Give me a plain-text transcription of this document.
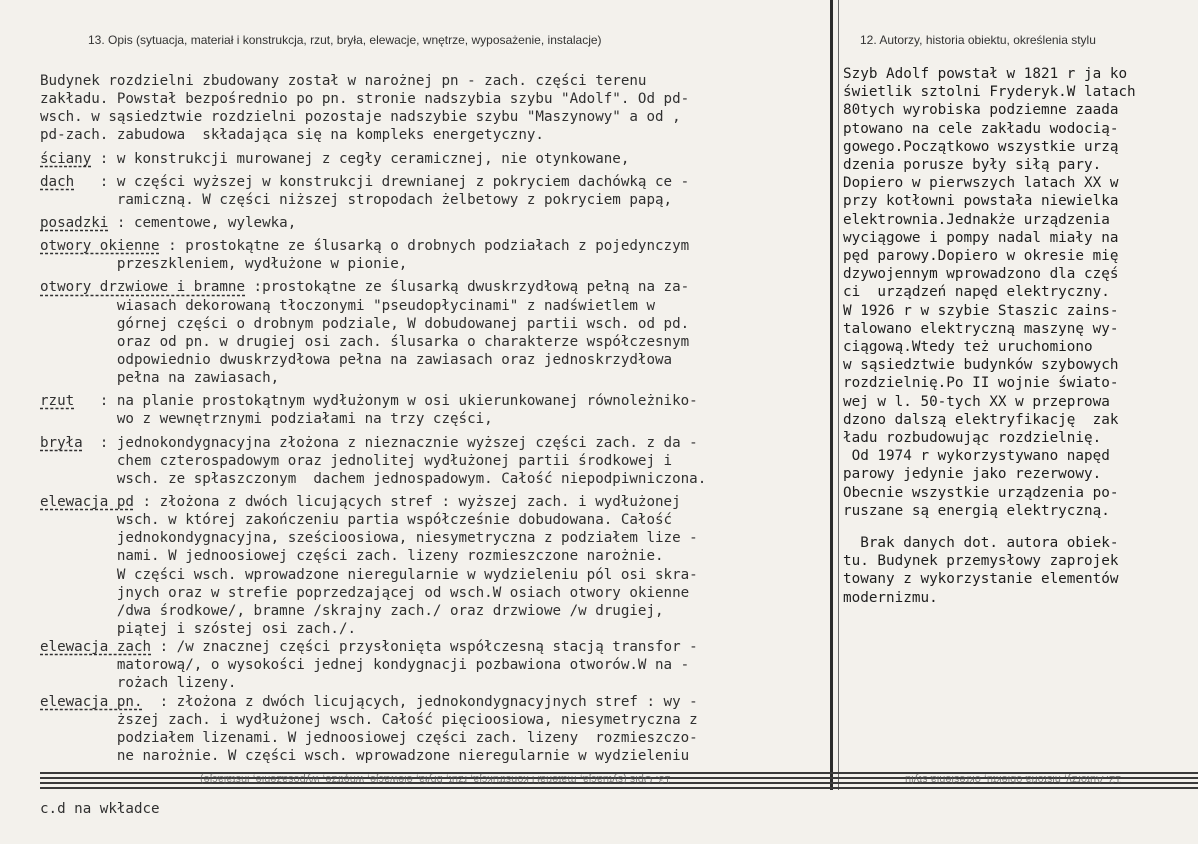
13. Opis (sytuacja, materiał i konstrukcja, rzut, bryła, elewacje, wnętrze, wyposażenie, instalacje)	12. Autorzy, historia obiektu, określenia stylu
Budynek rozdzielni zbudowany został w narożnej pn - zach. części terenu
zakładu. Powstał bezpośrednio po pn. stronie nadszybia szybu "Adolf". Od pd-
wsch. w sąsiedztwie rozdzielni pozostaje nadszybie szybu "Maszynowy" a od ,
pd-zach. zabudowa  składająca się na kompleks energetyczny.
ściany : w konstrukcji murowanej z cegły ceramicznej, nie otynkowane,
dach   : w części wyższej w konstrukcji drewnianej z pokryciem dachówką ce -
ramiczną. W części niższej stropodach żelbetowy z pokryciem papą,
posadzki : cementowe, wylewka,
otwory okienne : prostokątne ze ślusarką o drobnych podziałach z pojedynczym
przeszkleniem, wydłużone w pionie,
otwory drzwiowe i bramne :prostokątne ze ślusarką dwuskrzydłową pełną na za-
wiasach dekorowaną tłoczonymi "pseudopłycinami" z nadświetlem w
górnej części o drobnym podziale, W dobudowanej partii wsch. od pd.
oraz od pn. w drugiej osi zach. ślusarka o charakterze współczesnym
odpowiednio dwuskrzydłowa pełna na zawiasach oraz jednoskrzydłowa
pełna na zawiasach,
rzut   : na planie prostokątnym wydłużonym w osi ukierunkowanej równoleżniko-
wo z wewnętrznymi podziałami na trzy części,
bryła  : jednokondygnacyjna złożona z nieznacznie wyższej części zach. z da -
chem czterospadowym oraz jednolitej wydłużonej partii środkowej i
wsch. ze spłaszczonym  dachem jednospadowym. Całość niepodpiwniczona.
elewacja pd : złożona z dwóch licujących stref : wyższej zach. i wydłużonej
wsch. w której zakończeniu partia współcześnie dobudowana. Całość
jednokondygnacyjna, sześcioosiowa, niesymetryczna z podziałem lize -
nami. W jednoosiowej części zach. lizeny rozmieszczone narożnie.
W części wsch. wprowadzone nieregularnie w wydzieleniu pól osi skra-
jnych oraz w strefie poprzedzającej od wsch.W osiach otwory okienne
/dwa środkowe/, bramne /skrajny zach./ oraz drzwiowe /w drugiej,
piątej i szóstej osi zach./.
elewacja zach : /w znacznej części przysłonięta współczesną stacją transfor -
matorową/, o wysokości jednej kondygnacji pozbawiona otworów.W na -
rożach lizeny.
elewacja pn.  : złożona z dwóch licujących, jednokondygnacyjnych stref : wy -
ższej zach. i wydłużonej wsch. Całość pięcioosiowa, niesymetryczna z
podziałem lizenami. W jednoosiowej części zach. lizeny  rozmieszczo-
ne narożnie. W części wsch. wprowadzone nieregularnie w wydzieleniu
Szyb Adolf powstał w 1821 r ja ko
świetlik sztolni Fryderyk.W latach
80tych wyrobiska podziemne zaada
ptowano na cele zakładu wodocią-
gowego.Początkowo wszystkie urzą
dzenia porusze były siłą pary.
Dopiero w pierwszych latach XX w
przy kotłowni powstała niewielka
elektrownia.Jednakże urządzenia
wyciągowe i pompy nadal miały na
pęd parowy.Dopiero w okresie mię
dzywojennym wprowadzono dla częś
ci  urządzeń napęd elektryczny.
W 1926 r w szybie Staszic zains-
talowano elektryczną maszynę wy-
ciągową.Wtedy też uruchomiono
w sąsiedztwie budynków szybowych
rozdzielnię.Po II wojnie świato-
wej w l. 50-tych XX w przeprowa
dzono dalszą elektryfikację  zak
ładu rozbudowując rozdzielnię.
Od 1974 r wykorzystywano napęd
parowy jedynie jako rezerwowy.
Obecnie wszystkie urządzenia po-
ruszane są energią elektryczną.
Brak danych dot. autora obiek-
tu. Budynek przemysłowy zaprojek
towany z wykorzystanie elementów
modernizmu.
13. Opis (sytuacja, materiał i konstrukcja, rzut, bryła, elewacje, wnętrze, wyposażenie, instalacje)	12. Autorzy, historia obiektu, określenia stylu
c.d na wkładce
